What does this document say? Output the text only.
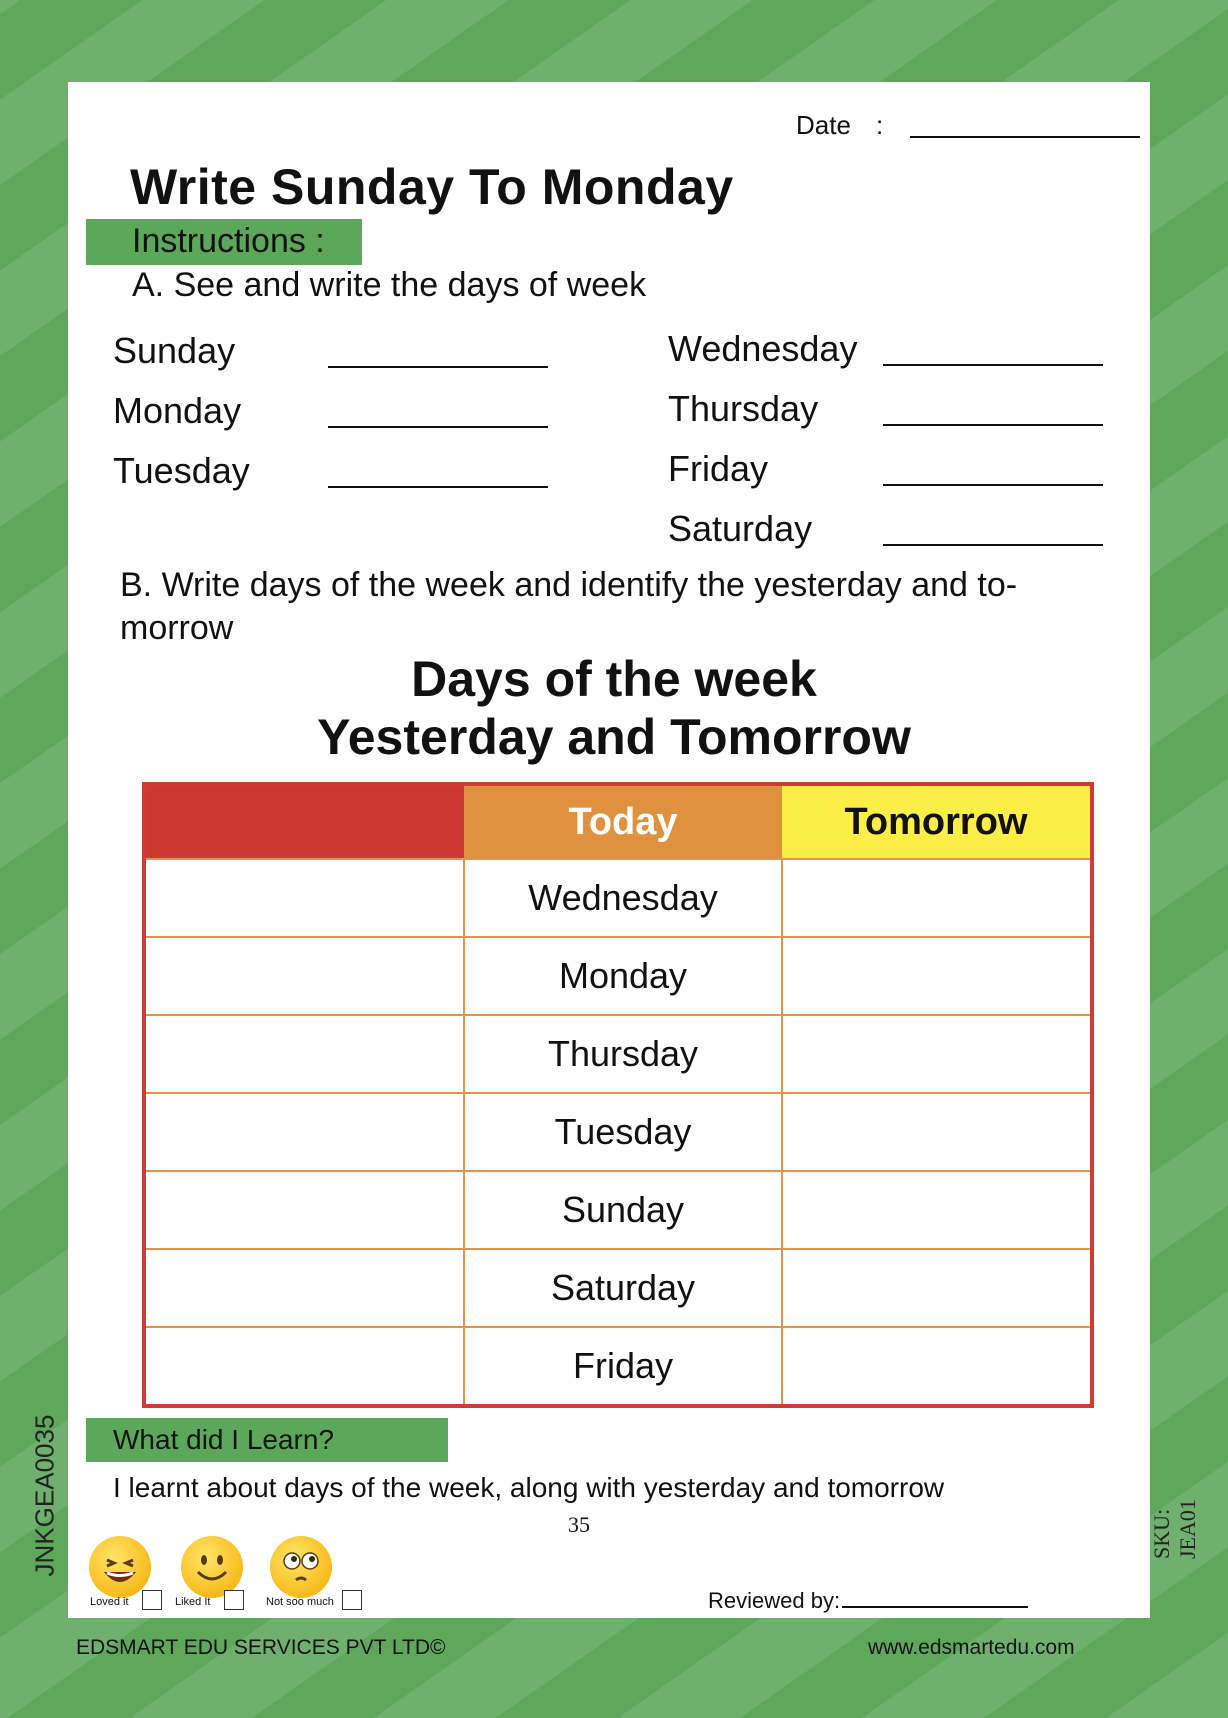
Date :
Write Sunday To Monday
Instructions :
A. See and write the days of week
Sunday
Monday
Tuesday
Wednesday
Thursday
Friday
Saturday
B. Write days of the week and identify the yesterday and to-morrow
Days of the week
Yesterday and Tomorrow
	Today	Tomorrow
	Wednesday	
	Monday	
	Thursday	
	Tuesday	
	Sunday	
	Saturday	
	Friday	
What did I Learn?
I learnt about days of the week, along with yesterday and tomorrow
35
JNKGEA0035	SKU: JEA01
Loved it	Liked It	Not soo much	Reviewed by:
EDSMART EDU SERVICES PVT LTD©	www.edsmartedu.com
